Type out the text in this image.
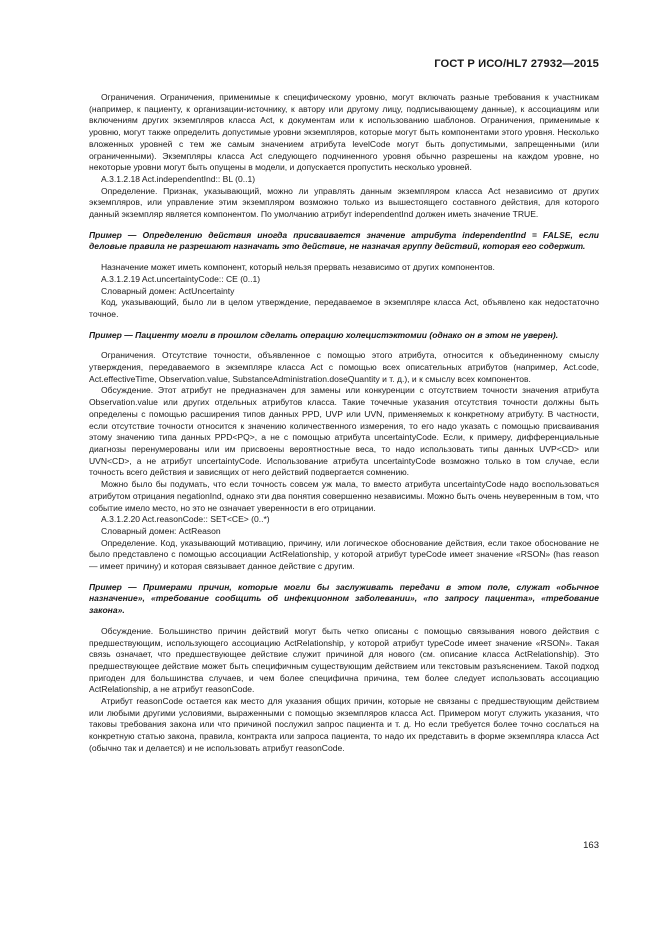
ГОСТ Р ИСО/HL7 27932—2015

Ограничения. Ограничения, применимые к специфическому уровню, могут включать разные требования к участникам (например, к пациенту, к организации-источнику, к автору или другому лицу, подписывающему данные), к ассоциациям или включениям других экземпляров класса Act, к документам или к использованию шаблонов. Ограничения, применимые к уровню, могут также определить допустимые уровни экземпляров, которые могут быть компонентами этого уровня. Несколько вложенных уровней с тем же самым значением атрибута levelCode могут быть допустимыми, запрещенными (или ограниченными). Экземпляры класса Act следующего подчиненного уровня обычно разрешены на каждом уровне, но некоторые уровни могут быть опущены в модели, и допускается пропустить несколько уровней.

A.3.1.2.18 Act.independentInd:: BL (0..1)

Определение. Признак, указывающий, можно ли управлять данным экземпляром класса Act независимо от других экземпляров, или управление этим экземпляром возможно только из вышестоящего составного действия, для которого данный экземпляр является компонентом. По умолчанию атрибут independentInd должен иметь значение TRUE.

Пример — Определению действия иногда присваивается значение атрибута independentInd = FALSE, если деловые правила не разрешают назначать это действие, не назначая группу действий, которая его содержит.

Назначение может иметь компонент, который нельзя прервать независимо от других компонентов.

A.3.1.2.19 Act.uncertaintyCode:: CE (0..1)

Словарный домен: ActUncertainty

Код, указывающий, было ли в целом утверждение, передаваемое в экземпляре класса Act, объявлено как недостаточно точное.

Пример — Пациенту могли в прошлом сделать операцию холецистэктомии (однако он в этом не уверен).

Ограничения. Отсутствие точности, объявленное с помощью этого атрибута, относится к объединенному смыслу утверждения, передаваемого в экземпляре класса Act с помощью всех описательных атрибутов (например, Act.code, Act.effectiveTime, Observation.value, SubstanceAdministration.doseQuantity и т. д.), и к смыслу всех компонентов.

Обсуждение. Этот атрибут не предназначен для замены или конкуренции с отсутствием точности значения атрибута Observation.value или других отдельных атрибутов класса. Такие точечные указания отсутствия точности должны быть определены с помощью расширения типов данных PPD, UVP или UVN, применяемых к конкретному атрибуту. В частности, если отсутствие точности относится к значению количественного измерения, то его надо указать с помощью присваивания этому значению типа данных PPD<PQ>, а не с помощью атрибута uncertaintyCode. Если, к примеру, дифференциальные диагнозы перенумерованы или им присвоены вероятностные веса, то надо использовать типы данных UVP<CD> или UVN<CD>, а не атрибут uncertaintyCode. Использование атрибута uncertaintyCode возможно только в том случае, если точность всего действия и зависящих от него действий подвергается сомнению.

Можно было бы подумать, что если точность совсем уж мала, то вместо атрибута uncertaintyCode надо воспользоваться атрибутом отрицания negationInd, однако эти два понятия совершенно независимы. Можно быть очень неуверенным в том, что событие имело место, но это не означает уверенности в его отрицании.

A.3.1.2.20 Act.reasonCode:: SET<CE> (0..*)

Словарный домен: ActReason

Определение. Код, указывающий мотивацию, причину, или логическое обоснование действия, если такое обоснование не было представлено с помощью ассоциации ActRelationship, у которой атрибут typeCode имеет значение «RSON» (has reason — имеет причину) и которая связывает данное действие с другим.

Пример — Примерами причин, которые могли бы заслуживать передачи в этом поле, служат «обычное назначение», «требование сообщить об инфекционном заболевании», «по запросу пациента», «требование закона».

Обсуждение. Большинство причин действий могут быть четко описаны с помощью связывания нового действия с предшествующим, использующего ассоциацию ActRelationship, у которой атрибут typeCode имеет значение «RSON». Такая связь означает, что предшествующее действие служит причиной для нового (см. описание класса ActRelationship). Это предшествующее действие может быть специфичным существующим действием или текстовым разъяснением. Такой подход пригоден для большинства случаев, и чем более специфична причина, тем более следует использовать ассоциацию ActRelationship, а не атрибут reasonCode.

Атрибут reasonCode остается как место для указания общих причин, которые не связаны с предшествующим действием или любыми другими условиями, выраженными с помощью экземпляров класса Act. Примером могут служить указания, что таковы требования закона или что причиной послужил запрос пациента и т. д. Но если требуется более точно сослаться на конкретную статью закона, правила, контракта или запроса пациента, то надо их представить в форме экземпляра класса Act (обычно так и делается) и не использовать атрибут reasonCode.

163
